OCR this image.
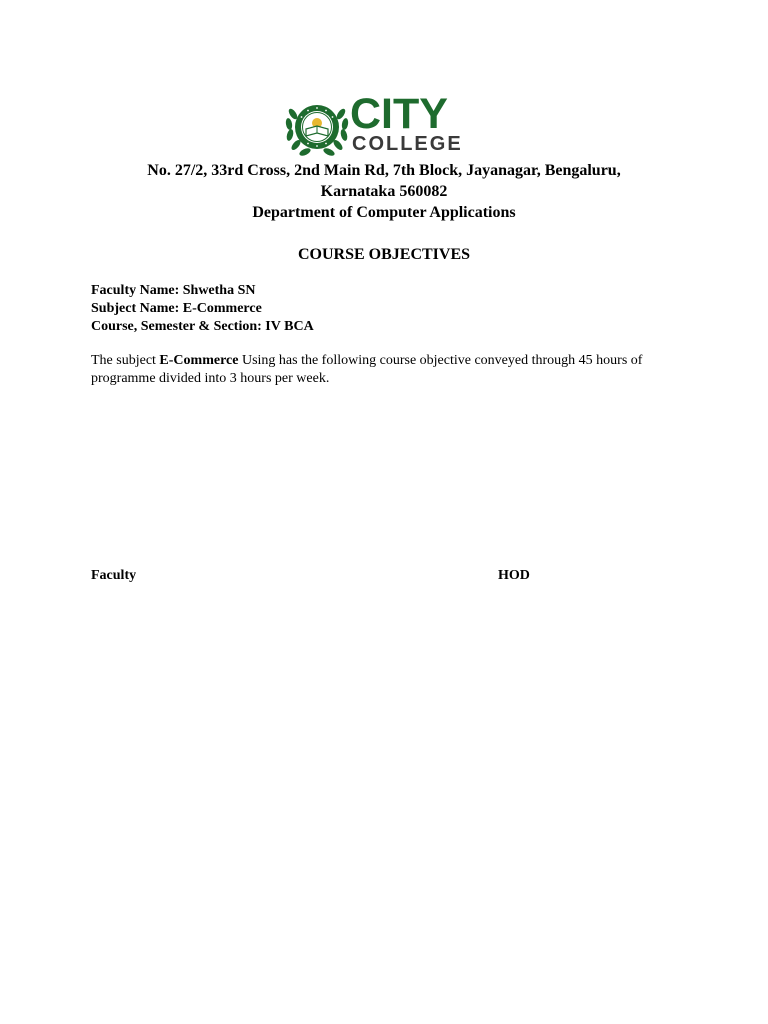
CITY
COLLEGE
No. 27/2, 33rd Cross, 2nd Main Rd, 7th Block, Jayanagar, Bengaluru,
Karnataka 560082
Department of Computer Applications
COURSE OBJECTIVES
Faculty Name: Shwetha SN
Subject Name: E-Commerce
Course, Semester & Section: IV BCA
The subject E-Commerce Using has the following course objective conveyed through 45 hours of programme divided into 3 hours per week.
Faculty	HOD
